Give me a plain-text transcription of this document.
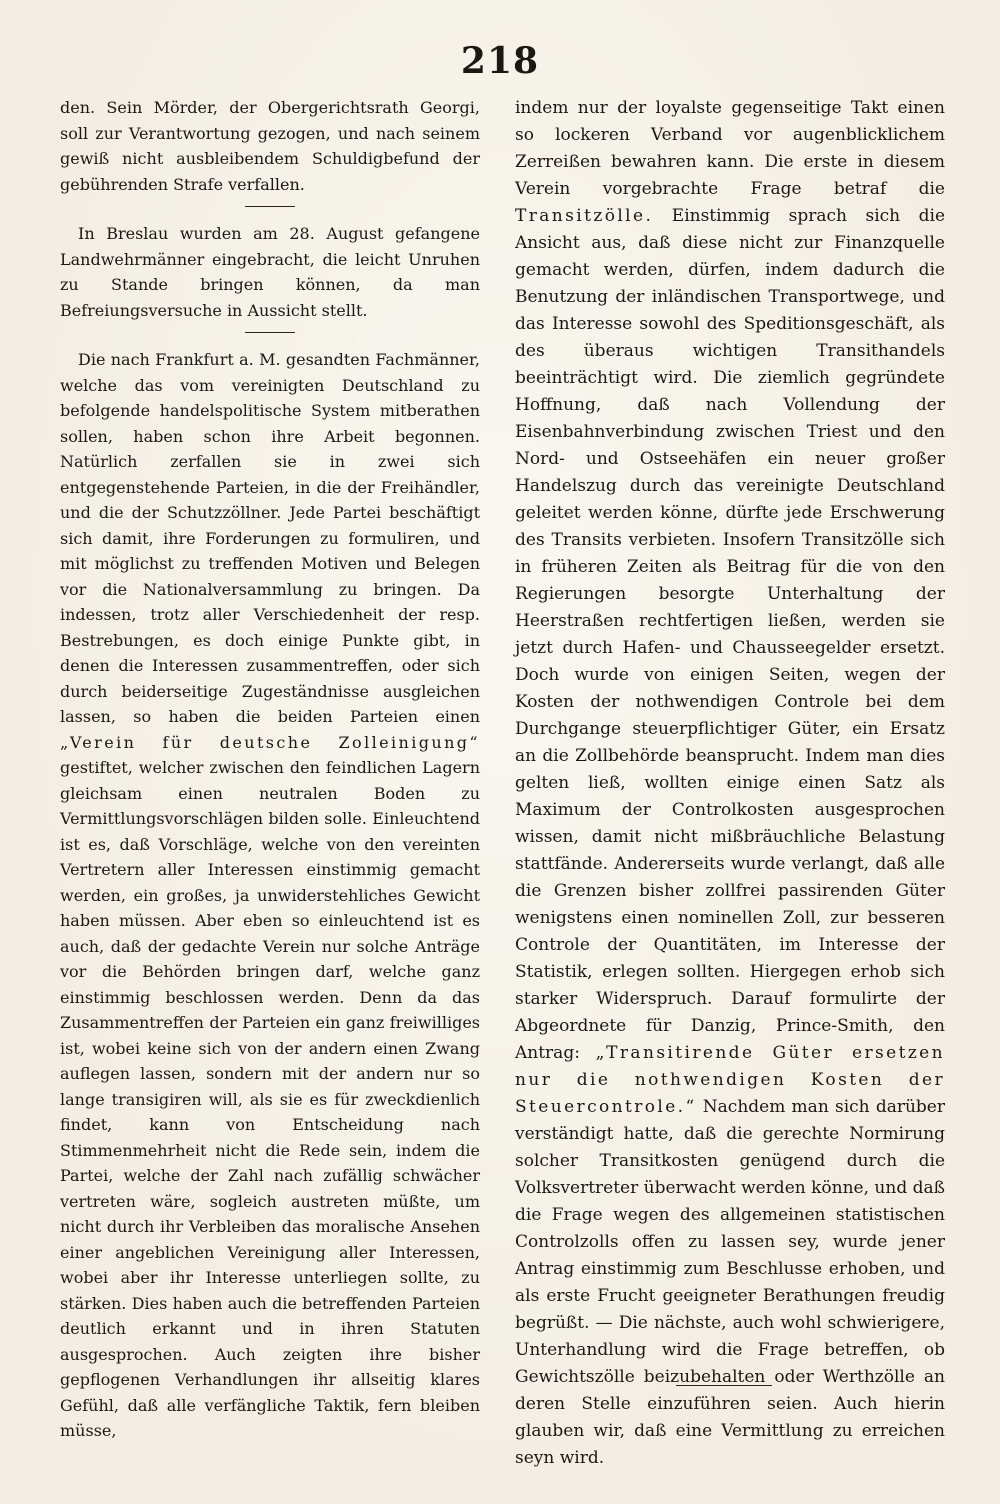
218

den. Sein Mörder, der Obergerichtsrath Georgi, soll zur Verantwortung gezogen, und nach seinem gewiß nicht ausbleibendem Schuldigbefund der gebührenden Strafe verfallen.

In Breslau wurden am 28. August gefangene Landwehrmänner eingebracht, die leicht Unruhen zu Stande bringen können, da man Befreiungsversuche in Aussicht stellt.

Die nach Frankfurt a. M. gesandten Fachmänner, welche das vom vereinigten Deutschland zu befolgende handelspolitische System mitberathen sollen, haben schon ihre Arbeit begonnen. Natürlich zerfallen sie in zwei sich entgegenstehende Parteien, in die der Freihändler, und die der Schutzzöllner. Jede Partei beschäftigt sich damit, ihre Forderungen zu formuliren, und mit möglichst zu treffenden Motiven und Belegen vor die Nationalversammlung zu bringen. Da indessen, trotz aller Verschiedenheit der resp. Bestrebungen, es doch einige Punkte gibt, in denen die Interessen zusammentreffen, oder sich durch beiderseitige Zugeständnisse ausgleichen lassen, so haben die beiden Parteien einen „Verein für deutsche Zolleinigung“ gestiftet, welcher zwischen den feindlichen Lagern gleichsam einen neutralen Boden zu Vermittlungsvorschlägen bilden solle. Einleuchtend ist es, daß Vorschläge, welche von den vereinten Vertretern aller Interessen einstimmig gemacht werden, ein großes, ja unwiderstehliches Gewicht haben müssen. Aber eben so einleuchtend ist es auch, daß der gedachte Verein nur solche Anträge vor die Behörden bringen darf, welche ganz einstimmig beschlossen werden. Denn da das Zusammentreffen der Parteien ein ganz freiwilliges ist, wobei keine sich von der andern einen Zwang auflegen lassen, sondern mit der andern nur so lange transigiren will, als sie es für zweckdienlich findet, kann von Entscheidung nach Stimmenmehrheit nicht die Rede sein, indem die Partei, welche der Zahl nach zufällig schwächer vertreten wäre, sogleich austreten müßte, um nicht durch ihr Verbleiben das moralische Ansehen einer angeblichen Vereinigung aller Interessen, wobei aber ihr Interesse unterliegen sollte, zu stärken. Dies haben auch die betreffenden Parteien deutlich erkannt und in ihren Statuten ausgesprochen. Auch zeigten ihre bisher gepflogenen Verhandlungen ihr allseitig klares Gefühl, daß alle verfängliche Taktik, fern bleiben müsse,

indem nur der loyalste gegenseitige Takt einen so lockeren Verband vor augenblicklichem Zerreißen bewahren kann. Die erste in diesem Verein vorgebrachte Frage betraf die Transitzölle. Einstimmig sprach sich die Ansicht aus, daß diese nicht zur Finanzquelle gemacht werden, dürfen, indem dadurch die Benutzung der inländischen Transportwege, und das Interesse sowohl des Speditionsgeschäft, als des überaus wichtigen Transithandels beeinträchtigt wird. Die ziemlich gegründete Hoffnung, daß nach Vollendung der Eisenbahnverbindung zwischen Triest und den Nord- und Ostseehäfen ein neuer großer Handelszug durch das vereinigte Deutschland geleitet werden könne, dürfte jede Erschwerung des Transits verbieten. Insofern Transitzölle sich in früheren Zeiten als Beitrag für die von den Regierungen besorgte Unterhaltung der Heerstraßen rechtfertigen ließen, werden sie jetzt durch Hafen- und Chausseegelder ersetzt. Doch wurde von einigen Seiten, wegen der Kosten der nothwendigen Controle bei dem Durchgange steuerpflichtiger Güter, ein Ersatz an die Zollbehörde beansprucht. Indem man dies gelten ließ, wollten einige einen Satz als Maximum der Controlkosten ausgesprochen wissen, damit nicht mißbräuchliche Belastung stattfände. Andererseits wurde verlangt, daß alle die Grenzen bisher zollfrei passirenden Güter wenigstens einen nominellen Zoll, zur besseren Controle der Quantitäten, im Interesse der Statistik, erlegen sollten. Hiergegen erhob sich starker Widerspruch. Darauf formulirte der Abgeordnete für Danzig, Prince-Smith, den Antrag: „Transitirende Güter ersetzen nur die nothwendigen Kosten der Steuercontrole.“ Nachdem man sich darüber verständigt hatte, daß die gerechte Normirung solcher Transitkosten genügend durch die Volksvertreter überwacht werden könne, und daß die Frage wegen des allgemeinen statistischen Controlzolls offen zu lassen sey, wurde jener Antrag einstimmig zum Beschlusse erhoben, und als erste Frucht geeigneter Berathungen freudig begrüßt. — Die nächste, auch wohl schwierigere, Unterhandlung wird die Frage betreffen, ob Gewichtszölle beizubehalten oder Werthzölle an deren Stelle einzuführen seien. Auch hierin glauben wir, daß eine Vermittlung zu erreichen seyn wird.
